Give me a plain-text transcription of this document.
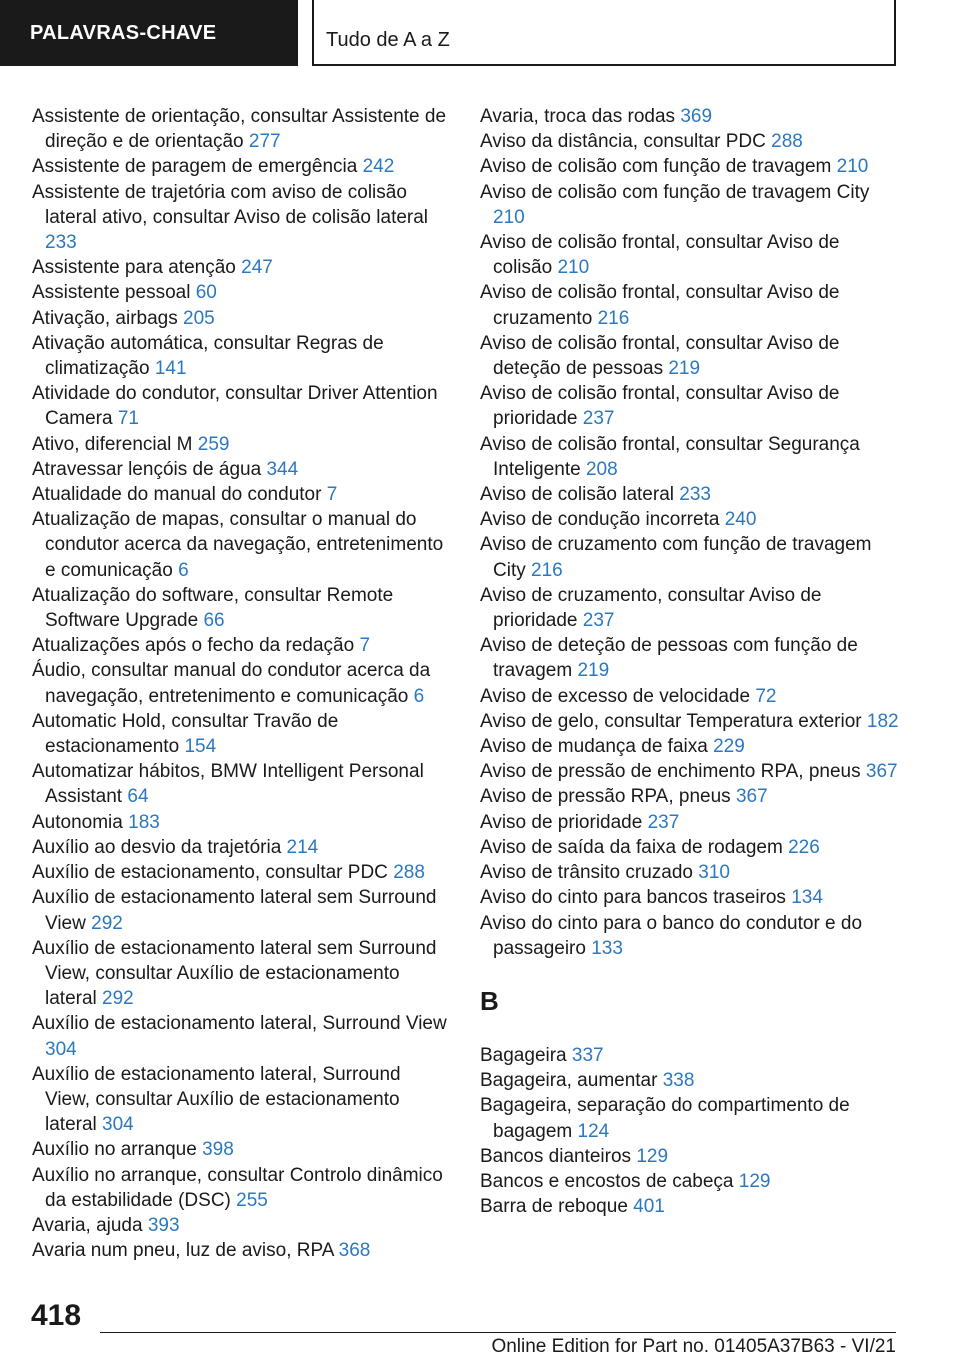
PALAVRAS-CHAVE	Tudo de A a Z
Assistente de orientação, consultar Assistente de direção e de orientação 277
Assistente de paragem de emergência 242
Assistente de trajetória com aviso de colisão lateral ativo, consultar Aviso de colisão lateral 233
Assistente para atenção 247
Assistente pessoal 60
Ativação, airbags 205
Ativação automática, consultar Regras de climatização 141
Atividade do condutor, consultar Driver Attention Camera 71
Ativo, diferencial M 259
Atravessar lençóis de água 344
Atualidade do manual do condutor 7
Atualização de mapas, consultar o manual do condutor acerca da navegação, entretenimento e comunicação 6
Atualização do software, consultar Remote Software Upgrade 66
Atualizações após o fecho da redação 7
Áudio, consultar manual do condutor acerca da navegação, entretenimento e comunicação 6
Automatic Hold, consultar Travão de estacionamento 154
Automatizar hábitos, BMW Intelligent Personal Assistant 64
Autonomia 183
Auxílio ao desvio da trajetória 214
Auxílio de estacionamento, consultar PDC 288
Auxílio de estacionamento lateral sem Surround View 292
Auxílio de estacionamento lateral sem Surround View, consultar Auxílio de estacionamento lateral 292
Auxílio de estacionamento lateral, Surround View 304
Auxílio de estacionamento lateral, Surround View, consultar Auxílio de estacionamento lateral 304
Auxílio no arranque 398
Auxílio no arranque, consultar Controlo dinâmico da estabilidade (DSC) 255
Avaria, ajuda 393
Avaria num pneu, luz de aviso, RPA 368
Avaria, troca das rodas 369
Aviso da distância, consultar PDC 288
Aviso de colisão com função de travagem 210
Aviso de colisão com função de travagem City 210
Aviso de colisão frontal, consultar Aviso de colisão 210
Aviso de colisão frontal, consultar Aviso de cruzamento 216
Aviso de colisão frontal, consultar Aviso de deteção de pessoas 219
Aviso de colisão frontal, consultar Aviso de prioridade 237
Aviso de colisão frontal, consultar Segurança Inteligente 208
Aviso de colisão lateral 233
Aviso de condução incorreta 240
Aviso de cruzamento com função de travagem City 216
Aviso de cruzamento, consultar Aviso de prioridade 237
Aviso de deteção de pessoas com função de travagem 219
Aviso de excesso de velocidade 72
Aviso de gelo, consultar Temperatura exterior 182
Aviso de mudança de faixa 229
Aviso de pressão de enchimento RPA, pneus 367
Aviso de pressão RPA, pneus 367
Aviso de prioridade 237
Aviso de saída da faixa de rodagem 226
Aviso de trânsito cruzado 310
Aviso do cinto para bancos traseiros 134
Aviso do cinto para o banco do condutor e do passageiro 133
B
Bagageira 337
Bagageira, aumentar 338
Bagageira, separação do compartimento de bagagem 124
Bancos dianteiros 129
Bancos e encostos de cabeça 129
Barra de reboque 401
418
Online Edition for Part no. 01405A37B63 - VI/21
